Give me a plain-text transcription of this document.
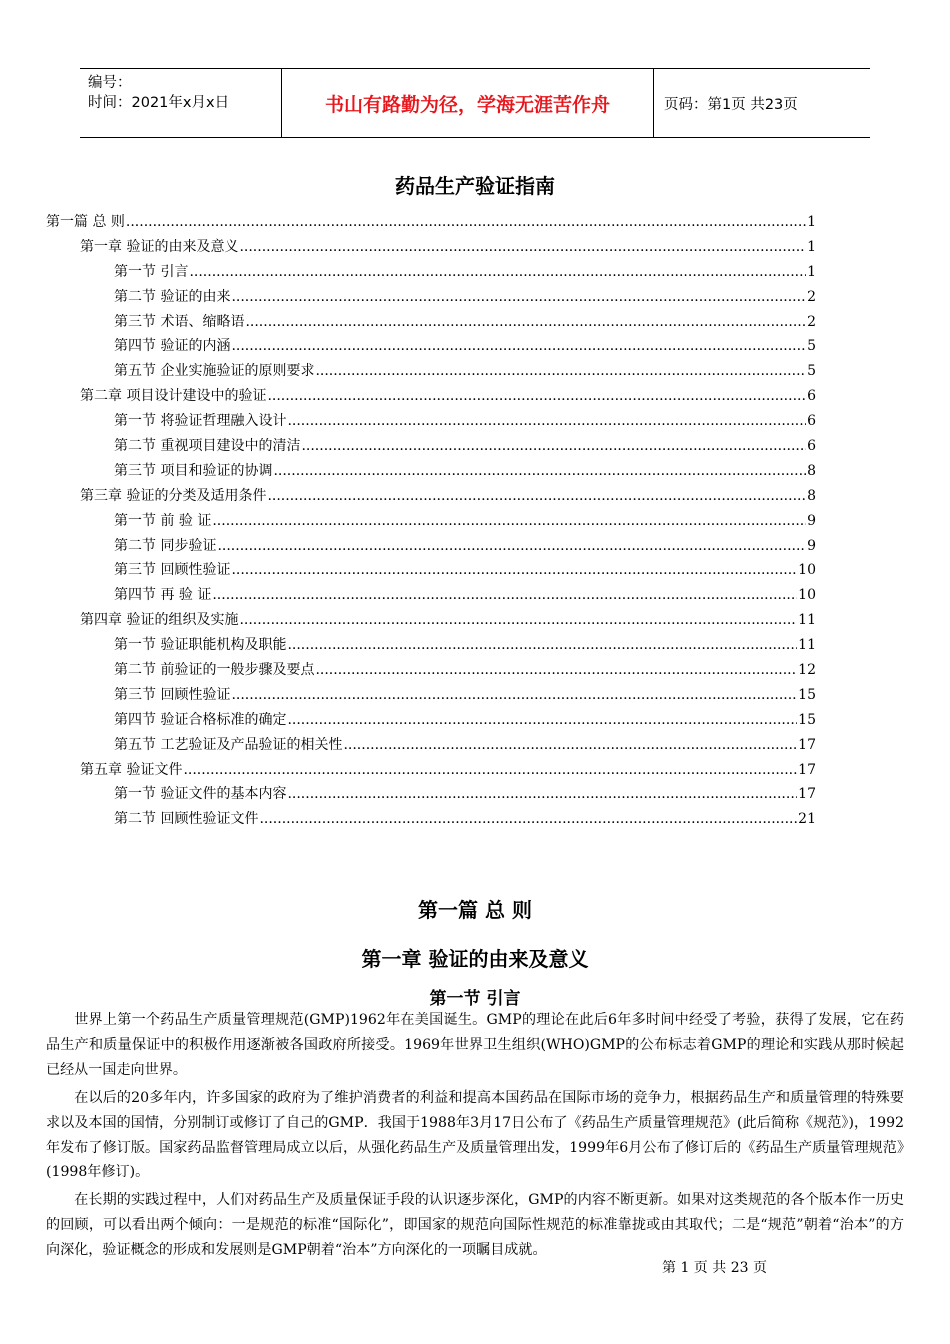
编号：
时间：2021年x月x日	书山有路勤为径，学海无涯苦作舟	页码：第1页 共23页
药品生产验证指南
第一篇 总 则 .....	1
第一章 验证的由来及意义 .....	1
第一节 引言 .....	1
第二节 验证的由来 .....	2
第三节 术语、缩略语 .....	2
第四节 验证的内涵 .....	5
第五节 企业实施验证的原则要求 .....	5
第二章 项目设计建设中的验证 .....	6
第一节 将验证哲理融入设计 .....	6
第二节 重视项目建设中的清洁 .....	6
第三节 项目和验证的协调 .....	8
第三章 验证的分类及适用条件 .....	8
第一节 前 验 证 .....	9
第二节 同步验证 .....	9
第三节 回顾性验证 .....	10
第四节 再 验 证 .....	10
第四章 验证的组织及实施 .....	11
第一节 验证职能机构及职能 .....	11
第二节 前验证的一般步骤及要点 .....	12
第三节 回顾性验证 .....	15
第四节 验证合格标准的确定 .....	15
第五节 工艺验证及产品验证的相关性 .....	17
第五章 验证文件 .....	17
第一节 验证文件的基本内容 .....	17
第二节 回顾性验证文件 .....	21
第一篇 总 则
第一章 验证的由来及意义
第一节 引言

世界上第一个药品生产质量管理规范(GMP)1962年在美国诞生。GMP的理论在此后6年多时间中经受了考验，获得了发展，它在药品生产和质量保证中的积极作用逐渐被各国政府所接受。1969年世界卫生组织(WHO)GMP的公布标志着GMP的理论和实践从那时候起已经从一国走向世界。

在以后的20多年内，许多国家的政府为了维护消费者的利益和提高本国药品在国际市场的竞争力，根据药品生产和质量管理的特殊要求以及本国的国情，分别制订或修订了自己的GMP．我国于1988年3月17日公布了《药品生产质量管理规范》(此后简称《规范》)，1992年发布了修订版。国家药品监督管理局成立以后，从强化药品生产及质量管理出发，1999年6月公布了修订后的《药品生产质量管理规范》(1998年修订)。

在长期的实践过程中，人们对药品生产及质量保证手段的认识逐步深化，GMP的内容不断更新。如果对这类规范的各个版本作一历史的回顾，可以看出两个倾向：一是规范的标准“国际化”，即国家的规范向国际性规范的标准靠拢或由其取代；二是“规范”朝着“治本”的方向深化，验证概念的形成和发展则是GMP朝着“治本”方向深化的一项瞩目成就。

第 1 页 共 23 页
